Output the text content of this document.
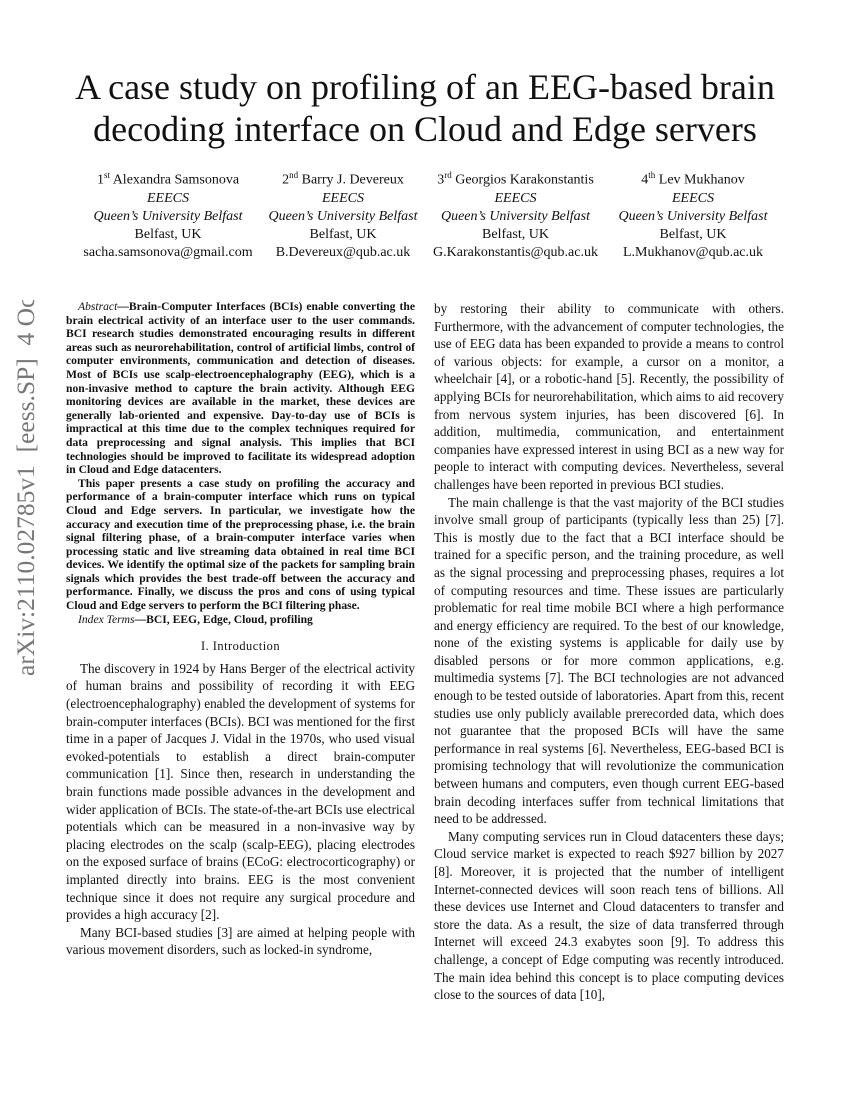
A case study on profiling of an EEG-based brain decoding interface on Cloud and Edge servers
1st Alexandra Samsonova
EEECS
Queen’s University Belfast
Belfast, UK
sacha.samsonova@gmail.com
2nd Barry J. Devereux
EEECS
Queen’s University Belfast
Belfast, UK
B.Devereux@qub.ac.uk
3rd Georgios Karakonstantis
EEECS
Queen’s University Belfast
Belfast, UK
G.Karakonstantis@qub.ac.uk
4th Lev Mukhanov
EEECS
Queen’s University Belfast
Belfast, UK
L.Mukhanov@qub.ac.uk
arXiv:2110.02785v1  [eess.SP]  4 Oct 2021	Abstract—Brain-Computer Interfaces (BCIs) enable converting the brain electrical activity of an interface user to the user commands. BCI research studies demonstrated encouraging results in different areas such as neurorehabilitation, control of artificial limbs, control of computer environments, communication and detection of diseases. Most of BCIs use scalp-electroencephalography (EEG), which is a non-invasive method to capture the brain activity. Although EEG monitoring devices are available in the market, these devices are generally lab-oriented and expensive. Day-to-day use of BCIs is impractical at this time due to the complex techniques required for data preprocessing and signal analysis. This implies that BCI technologies should be improved to facilitate its widespread adoption in Cloud and Edge datacenters.

This paper presents a case study on profiling the accuracy and performance of a brain-computer interface which runs on typical Cloud and Edge servers. In particular, we investigate how the accuracy and execution time of the preprocessing phase, i.e. the brain signal filtering phase, of a brain-computer interface varies when processing static and live streaming data obtained in real time BCI devices. We identify the optimal size of the packets for sampling brain signals which provides the best trade-off between the accuracy and performance. Finally, we discuss the pros and cons of using typical Cloud and Edge servers to perform the BCI filtering phase.

Index Terms—BCI, EEG, Edge, Cloud, profiling

I. Introduction

The discovery in 1924 by Hans Berger of the electrical activity of human brains and possibility of recording it with EEG (electroencephalography) enabled the development of systems for brain-computer interfaces (BCIs). BCI was mentioned for the first time in a paper of Jacques J. Vidal in the 1970s, who used visual evoked-potentials to establish a direct brain-computer communication [1]. Since then, research in understanding the brain functions made possible advances in the development and wider application of BCIs. The state-of-the-art BCIs use electrical potentials which can be measured in a non-invasive way by placing electrodes on the scalp (scalp-EEG), placing electrodes on the exposed surface of brains (ECoG: electrocorticography) or implanted directly into brains. EEG is the most convenient technique since it does not require any surgical procedure and provides a high accuracy [2].

Many BCI-based studies [3] are aimed at helping people with various movement disorders, such as locked-in syndrome,

by restoring their ability to communicate with others. Furthermore, with the advancement of computer technologies, the use of EEG data has been expanded to provide a means to control of various objects: for example, a cursor on a monitor, a wheelchair [4], or a robotic-hand [5]. Recently, the possibility of applying BCIs for neurorehabilitation, which aims to aid recovery from nervous system injuries, has been discovered [6]. In addition, multimedia, communication, and entertainment companies have expressed interest in using BCI as a new way for people to interact with computing devices. Nevertheless, several challenges have been reported in previous BCI studies.

The main challenge is that the vast majority of the BCI studies involve small group of participants (typically less than 25) [7]. This is mostly due to the fact that a BCI interface should be trained for a specific person, and the training procedure, as well as the signal processing and preprocessing phases, requires a lot of computing resources and time. These issues are particularly problematic for real time mobile BCI where a high performance and energy efficiency are required. To the best of our knowledge, none of the existing systems is applicable for daily use by disabled persons or for more common applications, e.g. multimedia systems [7]. The BCI technologies are not advanced enough to be tested outside of laboratories. Apart from this, recent studies use only publicly available prerecorded data, which does not guarantee that the proposed BCIs will have the same performance in real systems [6]. Nevertheless, EEG-based BCI is promising technology that will revolutionize the communication between humans and computers, even though current EEG-based brain decoding interfaces suffer from technical limitations that need to be addressed.

Many computing services run in Cloud datacenters these days; Cloud service market is expected to reach $927 billion by 2027 [8]. Moreover, it is projected that the number of intelligent Internet-connected devices will soon reach tens of billions. All these devices use Internet and Cloud datacenters to transfer and store the data. As a result, the size of data transferred through Internet will exceed 24.3 exabytes soon [9]. To address this challenge, a concept of Edge computing was recently introduced. The main idea behind this concept is to place computing devices close to the sources of data [10],
